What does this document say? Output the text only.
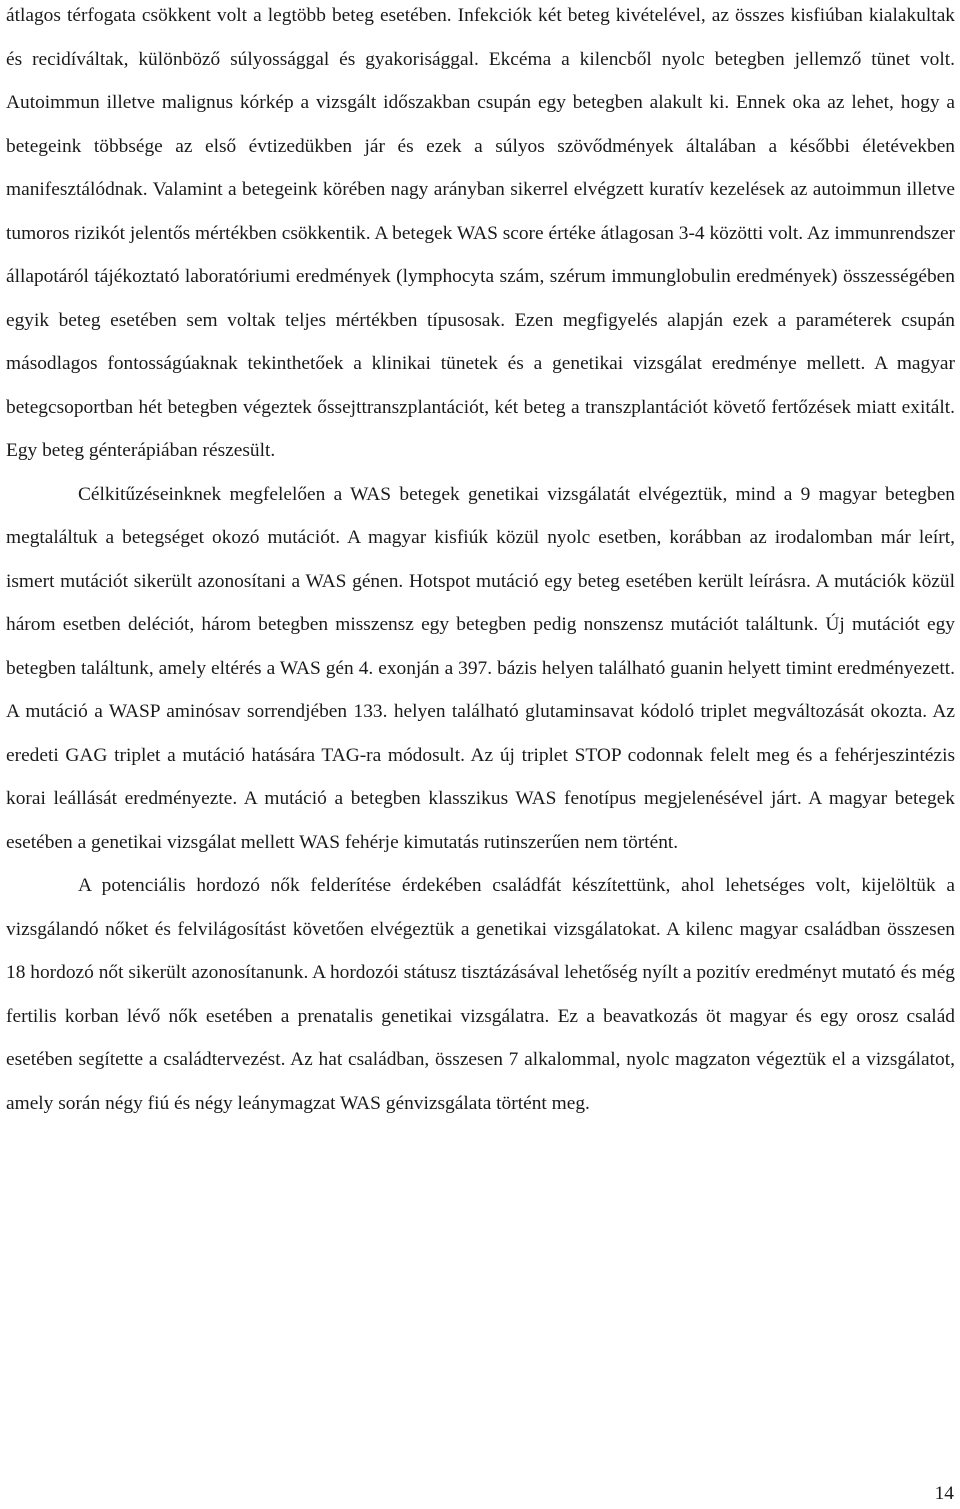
átlagos térfogata csökkent volt a legtöbb beteg esetében. Infekciók két beteg kivételével, az összes kisfiúban kialakultak és recidíváltak, különböző súlyossággal és gyakorisággal. Ekcéma a kilencből nyolc betegben jellemző tünet volt. Autoimmun illetve malignus kórkép a vizsgált időszakban csupán egy betegben alakult ki. Ennek oka az lehet, hogy a betegeink többsége az első évtizedükben jár és ezek a súlyos szövődmények általában a későbbi életévekben manifesztálódnak. Valamint a betegeink körében nagy arányban sikerrel elvégzett kuratív kezelések az autoimmun illetve tumoros rizikót jelentős mértékben csökkentik. A betegek WAS score értéke átlagosan 3-4 közötti volt. Az immunrendszer állapotáról tájékoztató laboratóriumi eredmények (lymphocyta szám, szérum immunglobulin eredmények) összességében egyik beteg esetében sem voltak teljes mértékben típusosak. Ezen megfigyelés alapján ezek a paraméterek csupán másodlagos fontosságúaknak tekinthetőek a klinikai tünetek és a genetikai vizsgálat eredménye mellett. A magyar betegcsoportban hét betegben végeztek őssejttranszplantációt, két beteg a transzplantációt követő fertőzések miatt exitált. Egy beteg génterápiában részesült.

Célkitűzéseinknek megfelelően a WAS betegek genetikai vizsgálatát elvégeztük, mind a 9 magyar betegben megtaláltuk a betegséget okozó mutációt. A magyar kisfiúk közül nyolc esetben, korábban az irodalomban már leírt, ismert mutációt sikerült azonosítani a WAS génen. Hotspot mutáció egy beteg esetében került leírásra. A mutációk közül három esetben deléciót, három betegben misszensz egy betegben pedig nonszensz mutációt találtunk. Új mutációt egy betegben találtunk, amely eltérés a WAS gén 4. exonján a 397. bázis helyen található guanin helyett timint eredményezett. A mutáció a WASP aminósav sorrendjében 133. helyen található glutaminsavat kódoló triplet megváltozását okozta. Az eredeti GAG triplet a mutáció hatására TAG-ra módosult. Az új triplet STOP codonnak felelt meg és a fehérjeszintézis korai leállását eredményezte. A mutáció a betegben klasszikus WAS fenotípus megjelenésével járt. A magyar betegek esetében a genetikai vizsgálat mellett WAS fehérje kimutatás rutinszerűen nem történt.

A potenciális hordozó nők felderítése érdekében családfát készítettünk, ahol lehetséges volt, kijelöltük a vizsgálandó nőket és felvilágosítást követően elvégeztük a genetikai vizsgálatokat. A kilenc magyar családban összesen 18 hordozó nőt sikerült azonosítanunk. A hordozói státusz tisztázásával lehetőség nyílt a pozitív eredményt mutató és még fertilis korban lévő nők esetében a prenatalis genetikai vizsgálatra. Ez a beavatkozás öt magyar és egy orosz család esetében segítette a családtervezést. Az hat családban, összesen 7 alkalommal, nyolc magzaton végeztük el a vizsgálatot, amely során négy fiú és négy leánymagzat WAS génvizsgálata történt meg.

14
